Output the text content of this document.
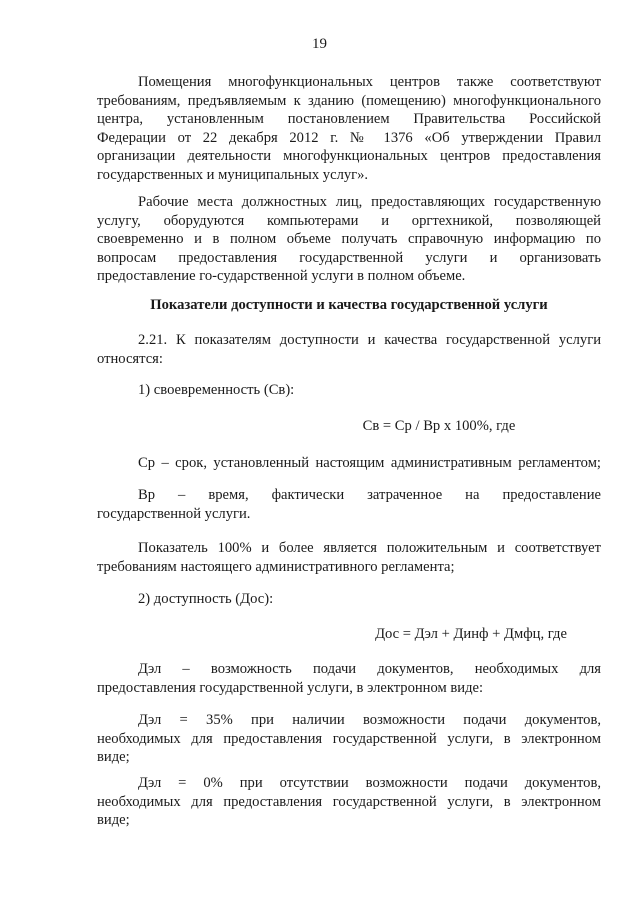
19
Помещения многофункциональных центров также соответствуют
требованиям, предъявляемым к зданию (помещению) многофункционального
центра, установленным постановлением Правительства Российской
Федерации от 22 декабря 2012 г. № 1376 «Об утверждении Правил
организации деятельности многофункциональных центров предоставления
государственных и муниципальных услуг».
Рабочие места должностных лиц, предоставляющих государственную
услугу, оборудуются компьютерами и оргтехникой, позволяющей
своевременно и в полном объеме получать справочную информацию по
вопросам предоставления государственной услуги и организовать
предоставление го-сударственной услуги в полном объеме.
Показатели доступности и качества государственной услуги
2.21. К показателям доступности и качества государственной услуги
относятся:
1) своевременность (Св):
Св = Ср / Вр х 100%, где
Ср – срок, установленный настоящим административным регламентом;
Вр – время, фактически затраченное на предоставление
государственной услуги.
Показатель 100% и более является положительным и соответствует
требованиям настоящего административного регламента;
2) доступность (Дос):
Дос = Дэл + Динф + Дмфц, где
Дэл – возможность подачи документов, необходимых для
предоставления государственной услуги, в электронном виде:
Дэл = 35% при наличии возможности подачи документов,
необходимых для предоставления государственной услуги, в электронном
виде;
Дэл = 0% при отсутствии возможности подачи документов,
необходимых для предоставления государственной услуги, в электронном
виде;
